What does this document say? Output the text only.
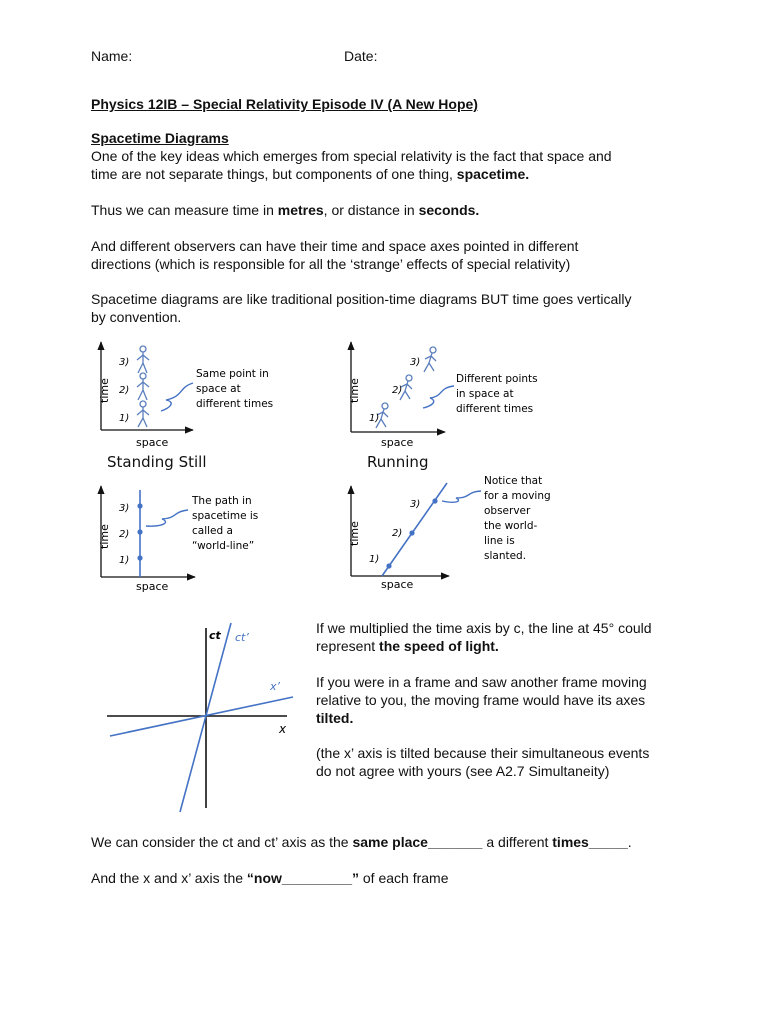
Name:	Date:
Physics 12IB – Special Relativity Episode IV (A New Hope)
Spacetime Diagrams
One of the key ideas which emerges from special relativity is the fact that space and
time are not separate things, but components of one thing, spacetime.
Thus we can measure time in metres, or distance in seconds.
And different observers can have their time and space axes pointed in different
directions (which is responsible for all the ‘strange’ effects of special relativity)
Spacetime diagrams are like traditional position-time diagrams BUT time goes vertically
by convention.
time
space
1)
2)
3)
Same point in space at different times
Standing Still
time
space
1)
2)
3)
Different points in space at different times
Running
time
space
1)
2)
3)
The path in spacetime is called a “world-line”	time
space
1)
2)
3)
Notice that for a moving observer the world- line is slanted.
ct ct’
x’
x
If we multiplied the time axis by c, the line at 45° could
represent the speed of light.
If you were in a frame and saw another frame moving
relative to you, the moving frame would have its axes
tilted.
(the x’ axis is tilted because their simultaneous events
do not agree with yours (see A2.7 Simultaneity)
We can consider the ct and ct’ axis as the same place_______ a different times_____.
And the x and x’ axis the “now_________” of each frame
